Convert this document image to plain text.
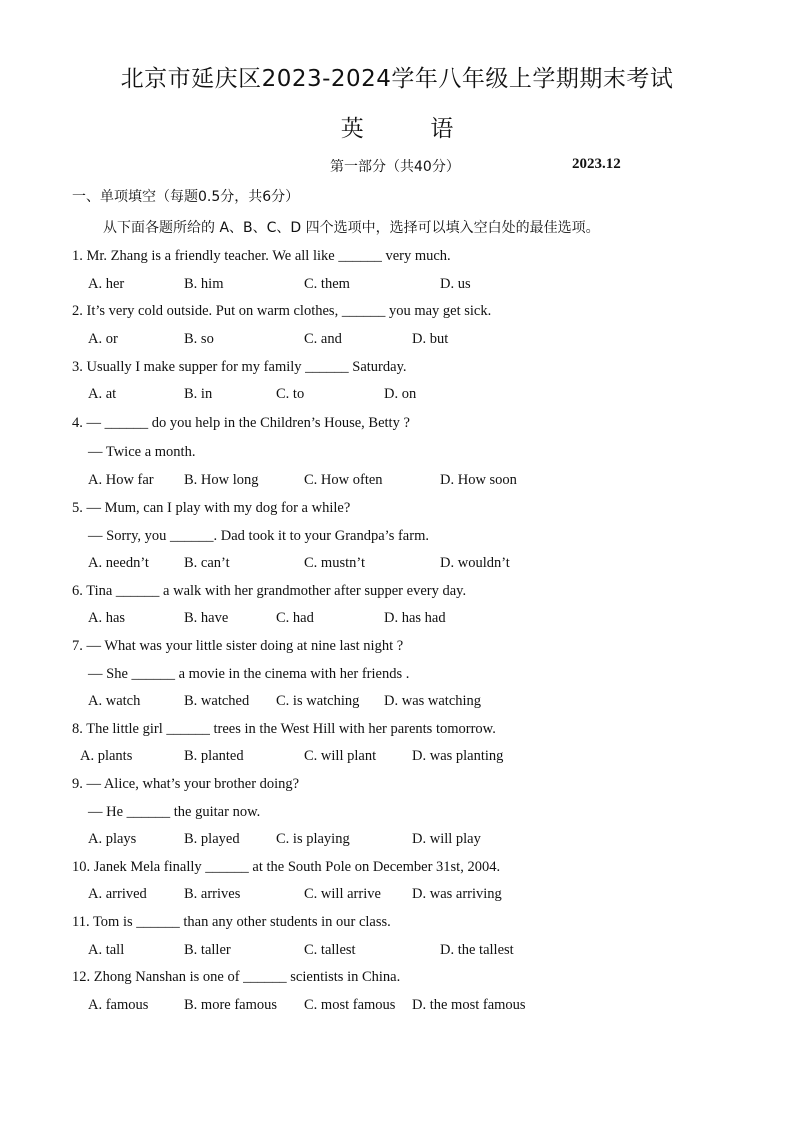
北京市延庆区2023-2024学年八年级上学期期末考试
英	语
第一部分（共40分）	2023.12
一、单项填空（每题0.5分，共6分）
从下面各题所给的 A、B、C、D 四个选项中，选择可以填入空白处的最佳选项。
1. Mr. Zhang is a friendly teacher. We all like ______ very much.
A. her	B. him	C. them	D. us
2. It’s very cold outside. Put on warm clothes, ______ you may get sick.
A. or	B. so	C. and	D. but
3. Usually I make supper for my family ______ Saturday.
A. at	B. in	C. to	D. on
4. — ______ do you help in the Children’s House, Betty ?
— Twice a month.
A. How far B. How long	C. How often	D. How soon
5. — Mum, can I play with my dog for a while?
— Sorry, you ______. Dad took it to your Grandpa’s farm.
A. needn’t B. can’t	C. mustn’t	D. wouldn’t
6. Tina ______ a walk with her grandmother after supper every day.
A. has	B. have	C. had	D. has had
7. — What was your little sister doing at nine last night ?
— She ______ a movie in the cinema with her friends .
A. watch	B. watched C. is watching D. was watching
8. The little girl ______ trees in the West Hill with her parents tomorrow.
A. plants	B. planted	C. will plant D. was planting
9. — Alice, what’s your brother doing?
— He ______ the guitar now.
A. plays	B. played	C. is playing	D. will play
10. Janek Mela finally ______ at the South Pole on December 31st, 2004.
A. arrived	B. arrives	C. will arrive D. was arriving
11. Tom is ______ than any other students in our class.
A. tall	B. taller	C. tallest	D. the tallest
12. Zhong Nanshan is one of ______ scientists in China.
A. famous B. more famous C. most famous D. the most famous
